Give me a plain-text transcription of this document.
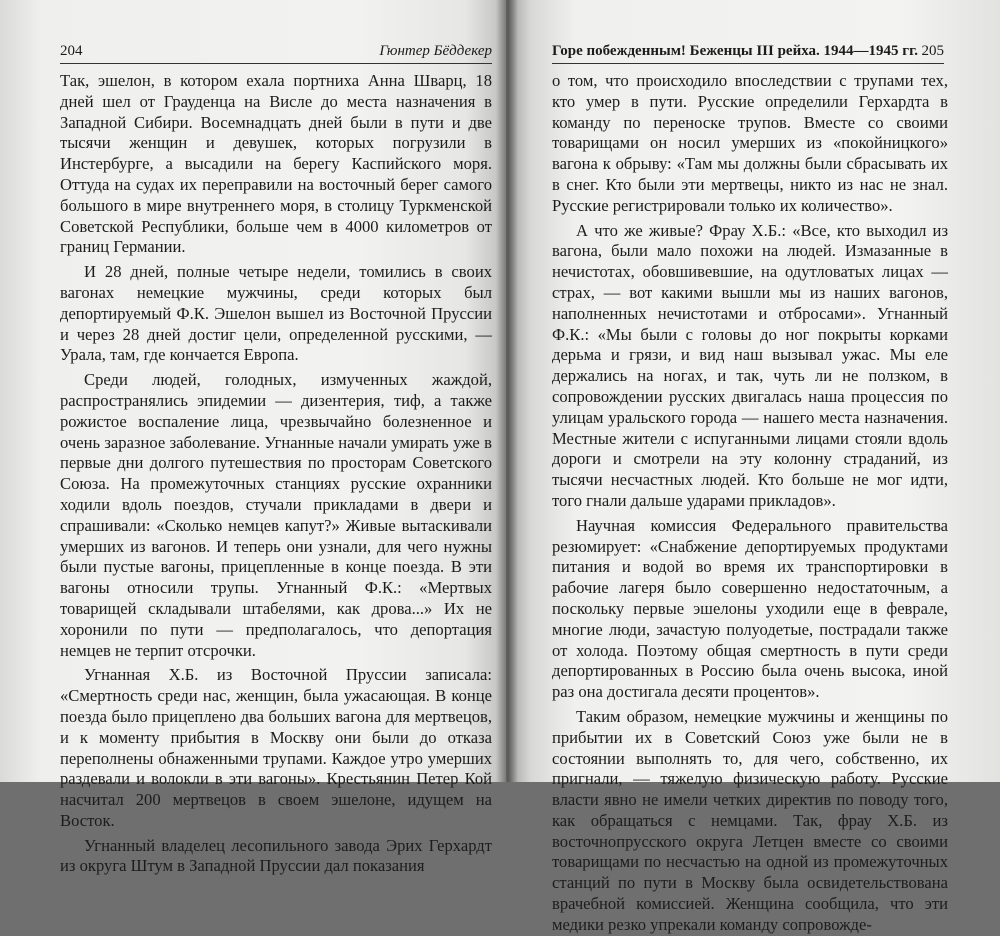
204	Гюнтер Бёддекер

Так, эшелон, в котором ехала портниха Анна Шварц, 18 дней шел от Грауденца на Висле до места назначения в Западной Сибири. Восемнадцать дней были в пути и две тысячи женщин и девушек, которых погрузили в Инстербурге, а высадили на берегу Каспийского моря. Оттуда на судах их переправили на восточный берег самого большого в мире внутреннего моря, в столицу Туркменской Советской Республики, больше чем в 4000 километров от границ Германии.

И 28 дней, полные четыре недели, томились в своих вагонах немецкие мужчины, среди которых был депортируемый Ф.К. Эшелон вышел из Восточной Пруссии и через 28 дней достиг цели, определенной русскими, — Урала, там, где кончается Европа.

Среди людей, голодных, измученных жаждой, распространялись эпидемии — дизентерия, тиф, а также рожистое воспаление лица, чрезвычайно болезненное и очень заразное заболевание. Угнанные начали умирать уже в первые дни долгого путешествия по просторам Советского Союза. На промежуточных станциях русские охранники ходили вдоль поездов, стучали прикладами в двери и спрашивали: «Сколько немцев капут?» Живые вытаскивали умерших из вагонов. И теперь они узнали, для чего нужны были пустые вагоны, прицепленные в конце поезда. В эти вагоны относили трупы. Угнанный Ф.К.: «Мертвых товарищей складывали штабелями, как дрова...» Их не хоронили по пути — предполагалось, что депортация немцев не терпит отсрочки.

Угнанная Х.Б. из Восточной Пруссии записала: «Смертность среди нас, женщин, была ужасающая. В конце поезда было прицеплено два больших вагона для мертвецов, и к моменту прибытия в Москву они были до отказа переполнены обнаженными трупами. Каждое утро умерших раздевали и волокли в эти вагоны». Крестьянин Петер Кой насчитал 200 мертвецов в своем эшелоне, идущем на Восток.

Угнанный владелец лесопильного завода Эрих Герхардт из округа Штум в Западной Пруссии дал показания

Горе побежденным! Беженцы III рейха. 1944—1945 гг. 205

о том, что происходило впоследствии с трупами тех, кто умер в пути. Русские определили Герхардта в команду по переноске трупов. Вместе со своими товарищами он носил умерших из «покойницкого» вагона к обрыву: «Там мы должны были сбрасывать их в снег. Кто были эти мертвецы, никто из нас не знал. Русские регистрировали только их количество».

А что же живые? Фрау Х.Б.: «Все, кто выходил из вагона, были мало похожи на людей. Измазанные в нечистотах, обовшивевшие, на одутловатых лицах — страх, — вот какими вышли мы из наших вагонов, наполненных нечистотами и отбросами». Угнанный Ф.К.: «Мы были с головы до ног покрыты корками дерьма и грязи, и вид наш вызывал ужас. Мы еле держались на ногах, и так, чуть ли не ползком, в сопровождении русских двигалась наша процессия по улицам уральского города — нашего места назначения. Местные жители с испуганными лицами стояли вдоль дороги и смотрели на эту колонну страданий, из тысячи несчастных людей. Кто больше не мог идти, того гнали дальше ударами прикладов».

Научная комиссия Федерального правительства резюмирует: «Снабжение депортируемых продуктами питания и водой во время их транспортировки в рабочие лагеря было совершенно недостаточным, а поскольку первые эшелоны уходили еще в феврале, многие люди, зачастую полуодетые, пострадали также от холода. Поэтому общая смертность в пути среди депортированных в Россию была очень высока, иной раз она достигала десяти процентов».

Таким образом, немецкие мужчины и женщины по прибытии их в Советский Союз уже были не в состоянии выполнять то, для чего, собственно, их пригнали, — тяжелую физическую работу. Русские власти явно не имели четких директив по поводу того, как обращаться с немцами. Так, фрау Х.Б. из восточнопрусского округа Летцен вместе со своими товарищами по несчастью на одной из промежуточных станций по пути в Москву была освидетельствована врачебной комиссией. Женщина сообщила, что эти медики резко упрекали команду сопровожде-
